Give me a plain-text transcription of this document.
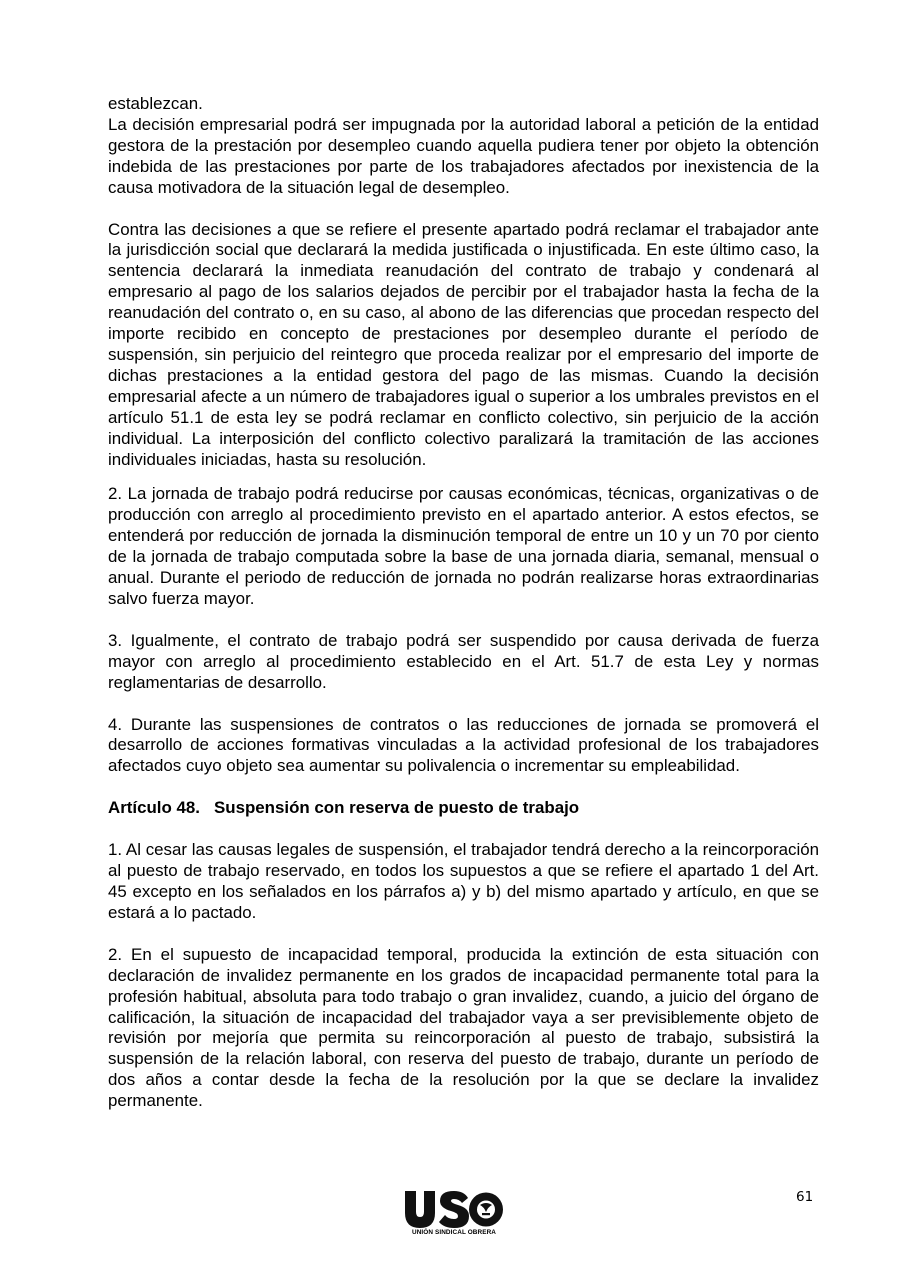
establezcan.

La decisión empresarial podrá ser impugnada por la autoridad laboral a petición de la entidad gestora de la prestación por desempleo cuando aquella pudiera tener por objeto la obtención indebida de las prestaciones por parte de los trabajadores afectados por inexistencia de la causa motivadora de la situación legal de desempleo.

Contra las decisiones a que se refiere el presente apartado podrá reclamar el trabajador ante la jurisdicción social que declarará la medida justificada o injustificada. En este último caso, la sentencia declarará la inmediata reanudación del contrato de trabajo y condenará al empresario al pago de los salarios dejados de percibir por el trabajador hasta la fecha de la reanudación del contrato o, en su caso, al abono de las diferencias que procedan respecto del importe recibido en concepto de prestaciones por desempleo durante el período de suspensión, sin perjuicio del reintegro que proceda realizar por el empresario del importe de dichas prestaciones a la entidad gestora del pago de las mismas. Cuando la decisión empresarial afecte a un número de trabajadores igual o superior a los umbrales previstos en el artículo 51.1 de esta ley se podrá reclamar en conflicto colectivo, sin perjuicio de la acción individual. La interposición del conflicto colectivo paralizará la tramitación de las acciones individuales iniciadas, hasta su resolución.

2. La jornada de trabajo podrá reducirse por causas económicas, técnicas, organizativas o de producción con arreglo al procedimiento previsto en el apartado anterior. A estos efectos, se entenderá por reducción de jornada la disminución temporal de entre un 10 y un 70 por ciento de la jornada de trabajo computada sobre la base de una jornada diaria, semanal, mensual o anual. Durante el periodo de reducción de jornada no podrán realizarse horas extraordinarias salvo fuerza mayor.

3. Igualmente, el contrato de trabajo podrá ser suspendido por causa derivada de fuerza mayor con arreglo al procedimiento establecido en el Art. 51.7 de esta Ley y normas reglamentarias de desarrollo.

4. Durante las suspensiones de contratos o las reducciones de jornada se promoverá el desarrollo de acciones formativas vinculadas a la actividad profesional de los trabajadores afectados cuyo objeto sea aumentar su polivalencia o incrementar su empleabilidad.

Artículo 48. Suspensión con reserva de puesto de trabajo

1. Al cesar las causas legales de suspensión, el trabajador tendrá derecho a la reincorporación al puesto de trabajo reservado, en todos los supuestos a que se refiere el apartado 1 del Art. 45 excepto en los señalados en los párrafos a) y b) del mismo apartado y artículo, en que se estará a lo pactado.

2. En el supuesto de incapacidad temporal, producida la extinción de esta situación con declaración de invalidez permanente en los grados de incapacidad permanente total para la profesión habitual, absoluta para todo trabajo o gran invalidez, cuando, a juicio del órgano de calificación, la situación de incapacidad del trabajador vaya a ser previsiblemente objeto de revisión por mejoría que permita su reincorporación al puesto de trabajo, subsistirá la suspensión de la relación laboral, con reserva del puesto de trabajo, durante un período de dos años a contar desde la fecha de la resolución por la que se declare la invalidez permanente.

61
UNIÓN SINDICAL OBRERA
